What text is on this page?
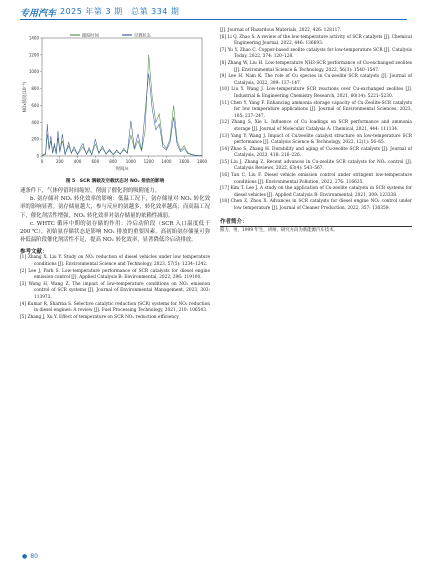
专用汽车 2025 年第 3 期　总第 334 期
0
200
400
600
800
1000
1200
1400
0	200	400	600	800 1000 1200 1400 1600 1800
NOx浓度(10⁻⁶)
时间/s
跟踪时间	空载状态
图 5　SCR 满载及空载状态对 NOₓ 排放的影响

速条件下，气体停留时间缩短，削弱了催化剂的吸附能力。

b. 氨存储对 NOₓ 转化效率的影响：低温工况下，氨存储量对 NOₓ 转化效率的影响显著。氨存储量越大，参与反应的氨越多，转化效率越高；而高温工况下，催化剂活性增强，NOₓ 转化效率对氨存储量的依赖性减弱。

c. WHTC 循环中期的氨存储的作用：冷启动阶段（SCR 入口温度低于 200 ℃），初始氨存储状态是影响 NOₓ 排放的重要因素。高初始氨存储量可弥补低温阶段催化剂活性不足，提高 NOₓ 转化效率，显著降低冷启动排放。

参考文献：
[1] Zhang X, Liu Y. Study on NOₓ reduction of diesel vehicles under low temperature conditions [J]. Environmental Science and Technology, 2023, 57(5): 1234–1242.
[2] Lee J, Park S. Low-temperature performance of SCR catalysts for diesel engine emission control [J]. Applied Catalysis B: Environmental, 2022, 296: 119100.
[3] Wang H, Wang Z. The impact of low-temperature conditions on NOₓ emission control of SCR systems [J]. Journal of Environmental Management, 2023, 303: 113973.
[4] Kumar R, Sharma S. Selective catalytic reduction (SCR) systems for NOₓ reduction in diesel engines: A review [J]. Fuel Processing Technology, 2021, 210: 106543.
[5] Zhang J, Xu Y. Effect of temperature on SCR NOₓ reduction efficiency
[J]. Journal of Hazardous Materials, 2022, 426: 128117.
[6] Li Q, Zhao S. A review of the low-temperature activity of SCR catalysts [J]. Chemical Engineering Journal, 2022, 446: 136693.
[7] Yu Y, Zhao C. Copper-based zeolite catalysts for low-temperature SCR [J]. Catalysis Today, 2022, 374: 120–128.
[8] Zhang W, Liu H. Low-temperature NH3-SCR performance of Cu-exchanged zeolites [J]. Environmental Science & Technology, 2022, 56(3): 1540–1547.
[9] Lee H, Nam K. The role of Cu species in Cu-zeolite SCR catalysts [J]. Journal of Catalysis, 2022, 399: 137–147.
[10] Liu Y, Wang J. Low-temperature SCR reactions over Cu-exchanged zeolites [J]. Industrial & Engineering Chemistry Research, 2021, 60(14): 5221–5230.
[11] Chen Y, Yang F. Enhancing ammonia storage capacity of Cu-Zeolite-SCR catalysts for low temperature applications [J]. Journal of Environmental Sciences, 2023, 105: 237–247.
[12] Zhang S, Xie L. Influence of Cu loadings on SCR performance and ammonia storage [J]. Journal of Molecular Catalysis A: Chemical, 2021, 444: 111134.
[13] Yang Y, Wang J. Impact of Cu/zeolite catalyst structure on low-temperature SCR performance [J]. Catalysis Science & Technology, 2022, 12(1): 56–65.
[14] Zhao S, Zhang H. Durability and aging of Cu-zeolite SCR catalysts [J]. Journal of Catalysis, 2023, 418: 216–226.
[15] Liu J, Zhang Z. Recent advances in Cu-zeolite SCR catalysts for NOₓ control [J]. Catalysis Reviews, 2022, 63(4): 543–567.
[16] Tan C, Liu F. Diesel vehicle emission control under stringent low-temperature conditions [J]. Environmental Pollution, 2022, 276: 116625.
[17] Kim T, Lee J. A study on the application of Cu-zeolite catalysts in SCR systems for diesel vehicles [J]. Applied Catalysis B: Environmental, 2021, 309: 123338.
[18] Chen Z, Zhou X. Advances in SCR catalysts for diesel engine NOₓ control under low temperature [J]. Journal of Cleaner Production, 2022, 357: 130359.
作者简介：
熊力，男，1999 年生，讲师，研究方向为新能源汽车技术。
● 80
